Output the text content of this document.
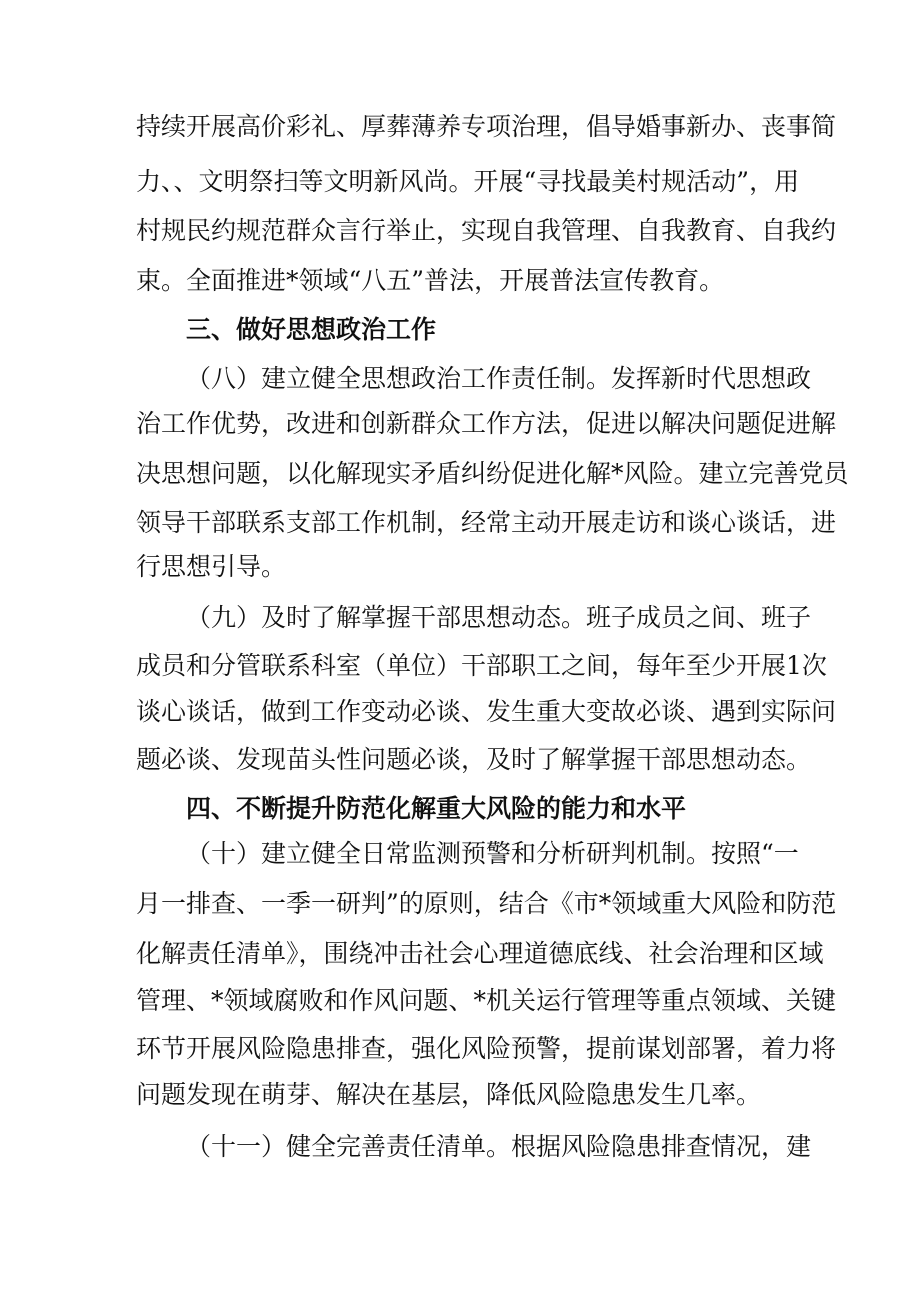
持续开展高价彩礼、厚葬薄养专项治理，倡导婚事新办、丧事简
力、、文明祭扫等文明新风尚。开展“寻找最美村规活动”，用
村规民约规范群众言行举止，实现自我管理、自我教育、自我约
束。全面推进*领域“八五”普法，开展普法宣传教育。
三、做好思想政治工作
（八）建立健全思想政治工作责任制。发挥新时代思想政
治工作优势，改进和创新群众工作方法，促进以解决问题促进解
决思想问题，以化解现实矛盾纠纷促进化解*风险。建立完善党员
领导干部联系支部工作机制，经常主动开展走访和谈心谈话，进
行思想引导。
（九）及时了解掌握干部思想动态。班子成员之间、班子
成员和分管联系科室（单位）干部职工之间，每年至少开展1次
谈心谈话，做到工作变动必谈、发生重大变故必谈、遇到实际问
题必谈、发现苗头性问题必谈，及时了解掌握干部思想动态。
四、不断提升防范化解重大风险的能力和水平
（十）建立健全日常监测预警和分析研判机制。按照“一
月一排查、一季一研判”的原则，结合《市*领域重大风险和防范
化解责任清单》，围绕冲击社会心理道德底线、社会治理和区域
管理、*领域腐败和作风问题、*机关运行管理等重点领域、关键
环节开展风险隐患排查，强化风险预警，提前谋划部署，着力将
问题发现在萌芽、解决在基层，降低风险隐患发生几率。
（十一）健全完善责任清单。根据风险隐患排查情况，建
